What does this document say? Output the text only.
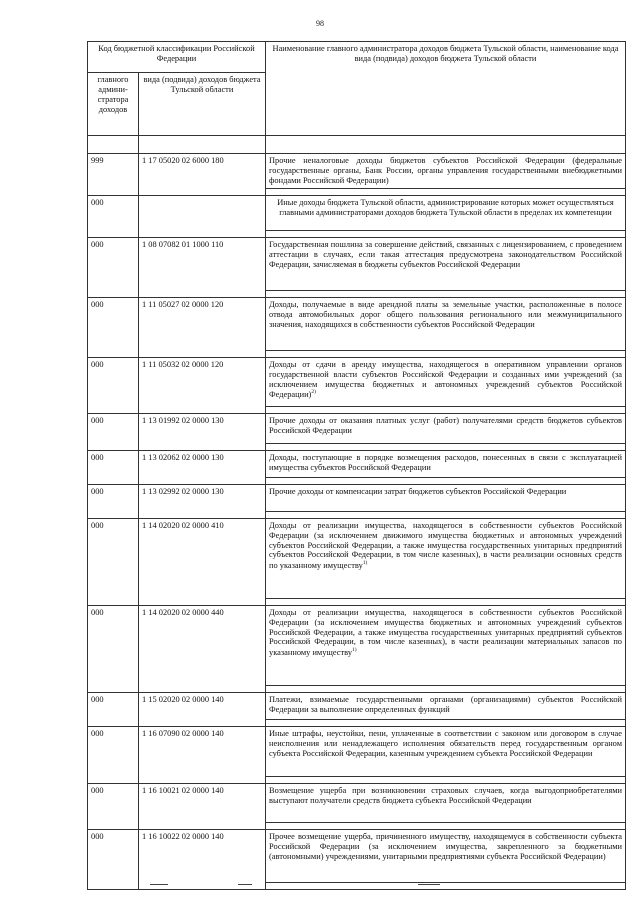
98
Код бюджетной классификации Российской Федерации		Наименование главного администратора доходов бюджета Тульской области, наименование кода вида (подвида) доходов бюджета Тульской области
главного админи-стратора доходов	вида (подвида) доходов бюджета Тульской области	

999	1 17 05020 02 6000 180	Прочие неналоговые доходы бюджетов субъектов Российской Федерации (федеральные государственные органы, Банк России, органы управления государственными внебюджетными фондами Российской Федерации)

000		Иные доходы бюджета Тульской области, администрирование которых может осуществляться главными администраторами доходов бюджета Тульской области в пределах их компетенции

000	1 08 07082 01 1000 110	Государственная пошлина за совершение действий, связанных с лицензированием, с проведением аттестации в случаях, если такая аттестация предусмотрена законодательством Российской Федерации, зачисляемая в бюджеты субъектов Российской Федерации

000	1 11 05027 02 0000 120	Доходы, получаемые в виде арендной платы за земельные участки, расположенные в полосе отвода автомобильных дорог общего пользования регионального или межмуниципального значения, находящихся в собственности субъектов Российской Федерации

000	1 11 05032 02 0000 120	Доходы от сдачи в аренду имущества, находящегося в оперативном управлении органов государственной власти субъектов Российской Федерации и созданных ими учреждений (за исключением имущества бюджетных и автономных учреждений субъектов Российской Федерации)$^{2)}$

000	1 13 01992 02 0000 130	Прочие доходы от оказания платных услуг (работ) получателями средств бюджетов субъектов Российской Федерации

000	1 13 02062 02 0000 130	Доходы, поступающие в порядке возмещения расходов, понесенных в связи с эксплуатацией имущества субъектов Российской Федерации

000	1 13 02992 02 0000 130	Прочие доходы от компенсации затрат бюджетов субъектов Российской Федерации

000	1 14 02020 02 0000 410	Доходы от реализации имущества, находящегося в собственности субъектов Российской Федерации (за исключением движимого имущества бюджетных и автономных учреждений субъектов Российской Федерации, а также имущества государственных унитарных предприятий субъектов Российской Федерации, в том числе казенных), в части реализации основных средств по указанному имуществу$^{1)}$

000	1 14 02020 02 0000 440	Доходы от реализации имущества, находящегося в собственности субъектов Российской Федерации (за исключением имущества бюджетных и автономных учреждений субъектов Российской Федерации, а также имущества государственных унитарных предприятий субъектов Российской Федерации, в том числе казенных), в части реализации материальных запасов по указанному имуществу$^{1)}$

000	1 15 02020 02 0000 140	Платежи, взимаемые государственными органами (организациями) субъектов Российской Федерации за выполнение определенных функций

000	1 16 07090 02 0000 140	Иные штрафы, неустойки, пени, уплаченные в соответствии с законом или договором в случае неисполнения или ненадлежащего исполнения обязательств перед государственным органом субъекта Российской Федерации, казенным учреждением субъекта Российской Федерации

000	1 16 10021 02 0000 140	Возмещение ущерба при возникновении страховых случаев, когда выгодоприобретателями выступают получатели средств бюджета субъекта Российской Федерации

000	1 16 10022 02 0000 140	Прочее возмещение ущерба, причиненного имуществу, находящемуся в собственности субъекта Российской Федерации (за исключением имущества, закрепленного за бюджетными (автономными) учреждениями, унитарными предприятиями субъекта Российской Федерации)
